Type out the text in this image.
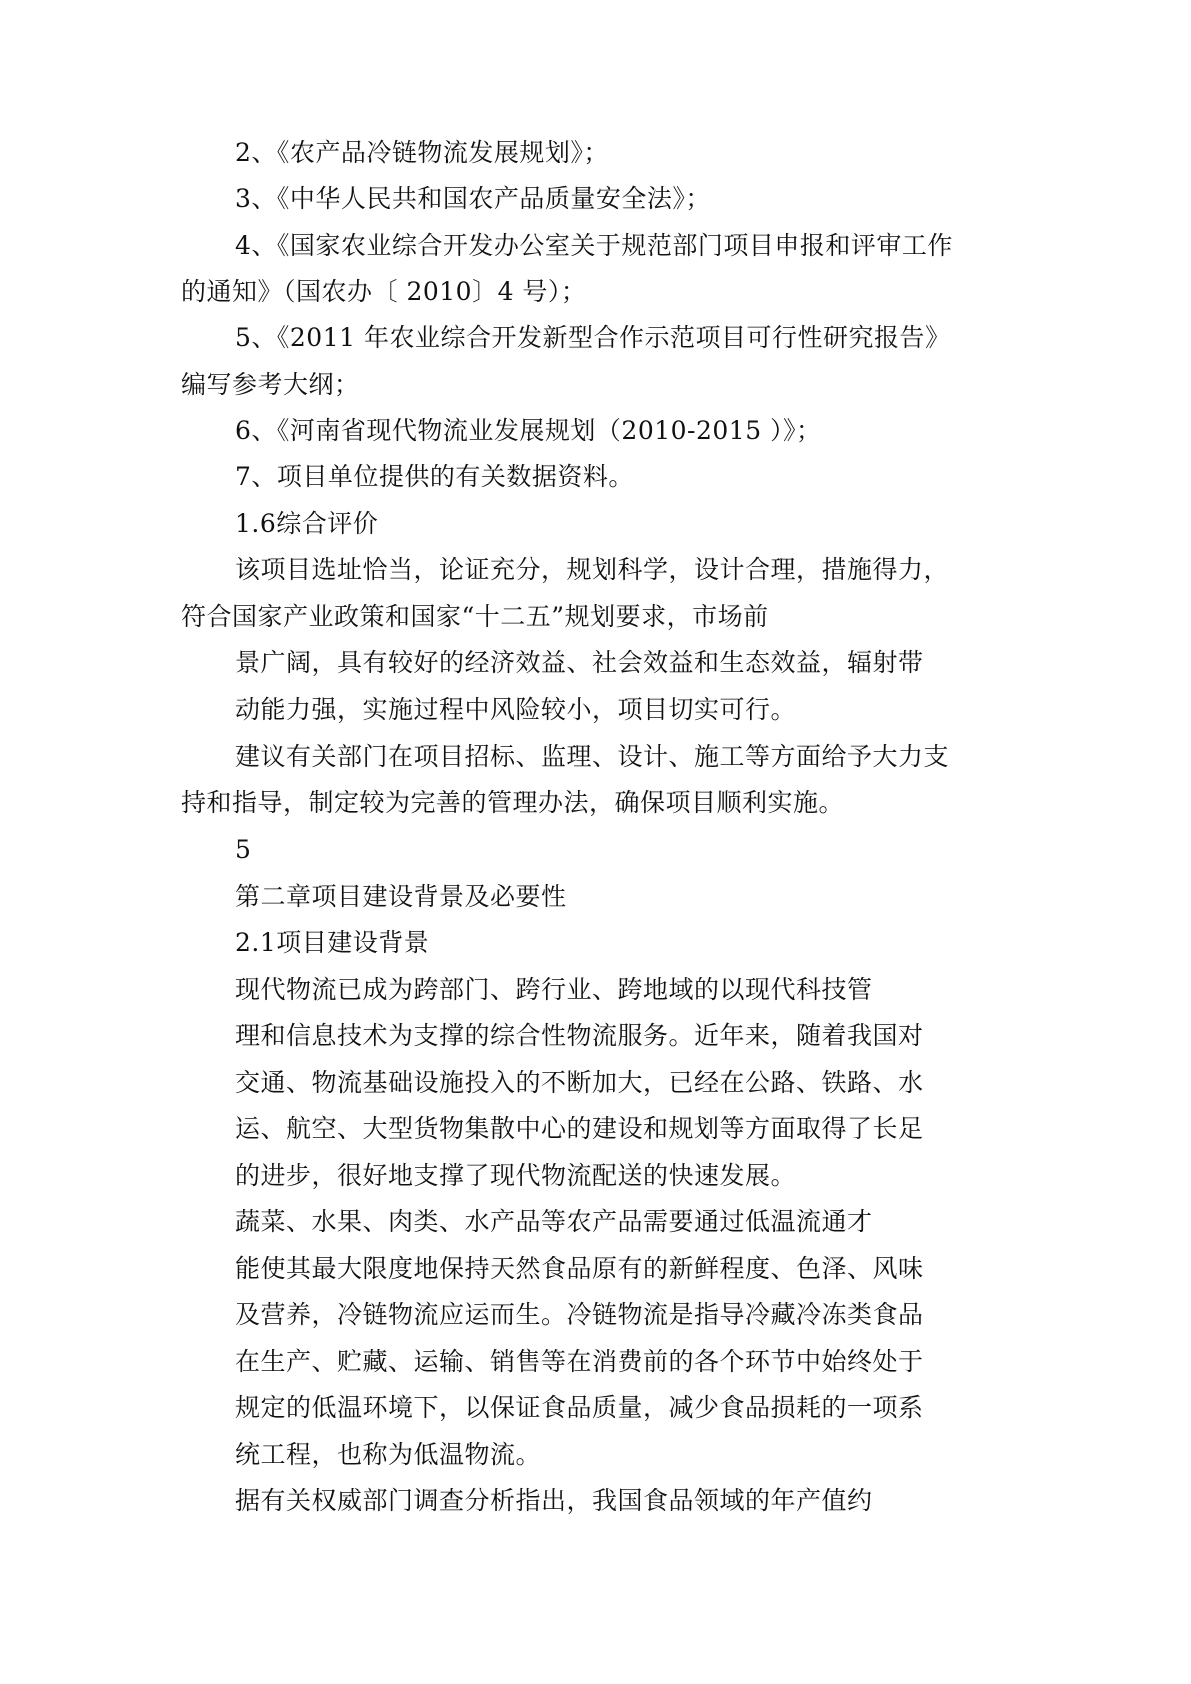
2、《农产品冷链物流发展规划》；
3、《中华人民共和国农产品质量安全法》；
4、《国家农业综合开发办公室关于规范部门项目申报和评审工作
的通知》（国农办〔 2010〕4 号）；
5、《2011 年农业综合开发新型合作示范项目可行性研究报告》
编写参考大纲；
6、《河南省现代物流业发展规划（2010-2015 ）》；
7、项目单位提供的有关数据资料。
1.6综合评价
该项目选址恰当，论证充分，规划科学，设计合理，措施得力，
符合国家产业政策和国家“十二五”规划要求，市场前
景广阔，具有较好的经济效益、社会效益和生态效益，辐射带
动能力强，实施过程中风险较小，项目切实可行。
建议有关部门在项目招标、监理、设计、施工等方面给予大力支
持和指导，制定较为完善的管理办法，确保项目顺利实施。
5
第二章项目建设背景及必要性
2.1项目建设背景
现代物流已成为跨部门、跨行业、跨地域的以现代科技管
理和信息技术为支撑的综合性物流服务。近年来，随着我国对
交通、物流基础设施投入的不断加大，已经在公路、铁路、水
运、航空、大型货物集散中心的建设和规划等方面取得了长足
的进步，很好地支撑了现代物流配送的快速发展。
蔬菜、水果、肉类、水产品等农产品需要通过低温流通才
能使其最大限度地保持天然食品原有的新鲜程度、色泽、风味
及营养，冷链物流应运而生。冷链物流是指导冷藏冷冻类食品
在生产、贮藏、运输、销售等在消费前的各个环节中始终处于
规定的低温环境下，以保证食品质量，减少食品损耗的一项系
统工程，也称为低温物流。
据有关权威部门调查分析指出，我国食品领域的年产值约
